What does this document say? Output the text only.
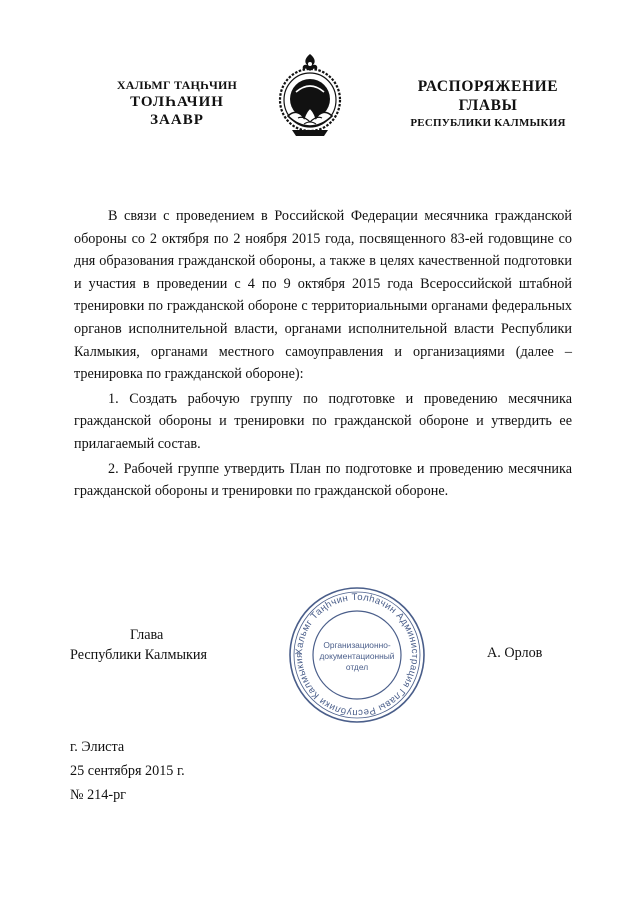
ХАЛЬМГ ТАҢҺЧИН
ТОЛҺАЧИН
ЗААВР
РАСПОРЯЖЕНИЕ
ГЛАВЫ
РЕСПУБЛИКИ КАЛМЫКИЯ

В связи с проведением в Российской Федерации месячника гражданской обороны со 2 октября по 2 ноября 2015 года, посвященного 83-ей годовщине со дня образования гражданской обороны, а также в целях качественной подготовки и участия в проведении с 4 по 9 октября 2015 года Всероссийской штабной тренировки по гражданской обороне с территориальными органами федеральных органов исполнительной власти, органами исполнительной власти Республики Калмыкия, органами местного самоуправления и организациями (далее – тренировка по гражданской обороне):

1. Создать рабочую группу по подготовке и проведению месячника гражданской обороны и тренировки по гражданской обороне и утвердить ее прилагаемый состав.

2. Рабочей группе утвердить План по подготовке и проведению месячника гражданской обороны и тренировки по гражданской обороне.

Глава
Республики Калмыкия	Хальмг Таңһчин Толһачин Администрация Главы Республики Калмыкия
Организационно-
документационный
отдел
А. Орлов
г. Элиста
25 сентября 2015 г.
№ 214-рг
